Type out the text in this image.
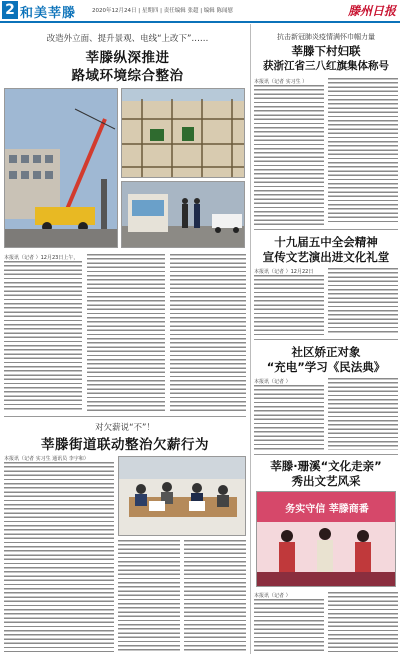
2 和美莘滕	2020年12月24日 | 星期四 | 责任编辑 张超 | 编辑 陈闻慰	滕州日报
改造外立面、提升景观、电线“上改下”……
莘滕纵深推进
路域环境综合整治
本报讯（记者 ）12月23日上午，
对欠薪说“不”！
莘滕街道联动整治欠薪行为
本报讯（记者 实习生 通讯员 李宇和）
抗击新冠肺炎疫情满怀巾帼力量
莘滕下村妇联
获浙江省三八红旗集体称号
本报讯（记者 实习生 ）
十九届五中全会精神
宣传文艺演出进文化礼堂
本报讯（记者 ）12月22日
社区娇正对象
“充电”学习《民法典》
本报讯（记者 ）
莘滕·珊溪“文化走亲”
秀出文艺风采
务实守信 莘滕商番
本报讯（记者 ）
